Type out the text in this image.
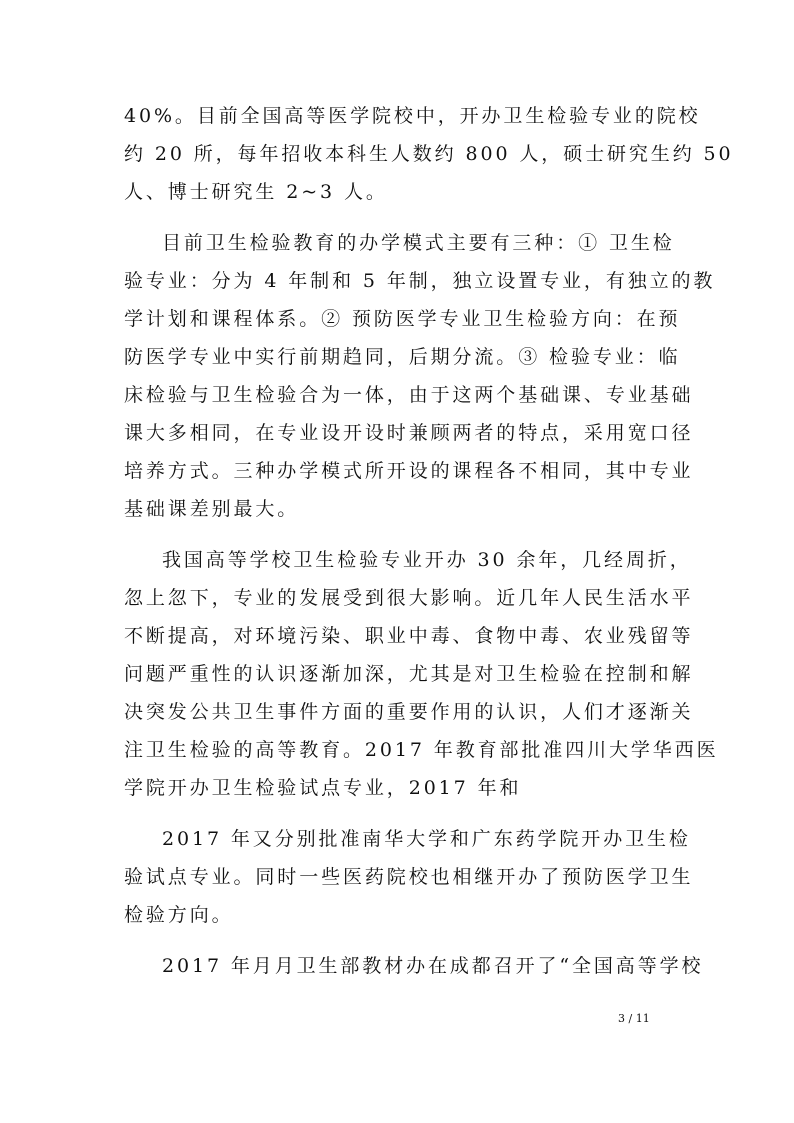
40%。目前全国高等医学院校中，开办卫生检验专业的院校
约 20 所，每年招收本科生人数约 800 人，硕士研究生约 50
人、博士研究生 2~3 人。
目前卫生检验教育的办学模式主要有三种：① 卫生检
验专业：分为 4 年制和 5 年制，独立设置专业，有独立的教
学计划和课程体系。② 预防医学专业卫生检验方向：在预
防医学专业中实行前期趋同，后期分流。③ 检验专业：临
床检验与卫生检验合为一体，由于这两个基础课、专业基础
课大多相同，在专业设开设时兼顾两者的特点，采用宽口径
培养方式。三种办学模式所开设的课程各不相同，其中专业
基础课差别最大。
我国高等学校卫生检验专业开办 30 余年，几经周折，
忽上忽下，专业的发展受到很大影响。近几年人民生活水平
不断提高，对环境污染、职业中毒、食物中毒、农业残留等
问题严重性的认识逐渐加深，尤其是对卫生检验在控制和解
决突发公共卫生事件方面的重要作用的认识，人们才逐渐关
注卫生检验的高等教育。2017 年教育部批准四川大学华西医
学院开办卫生检验试点专业，2017 年和
2017 年又分别批准南华大学和广东药学院开办卫生检
验试点专业。同时一些医药院校也相继开办了预防医学卫生
检验方向。
2017 年月月卫生部教材办在成都召开了“全国高等学校
3 / 11
